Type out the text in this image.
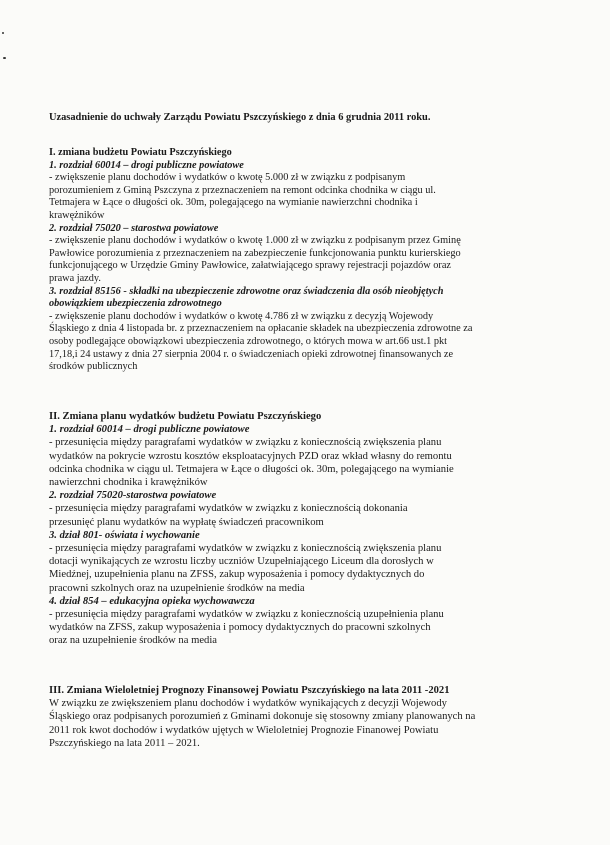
Uzasadnienie do uchwały Zarządu Powiatu Pszczyńskiego z dnia 6 grudnia 2011 roku.
I. zmiana budżetu Powiatu Pszczyńskiego
1. rozdział 60014 – drogi publiczne powiatowe
- zwiększenie planu dochodów i wydatków o kwotę 5.000 zł w związku z podpisanym
porozumieniem z Gminą Pszczyna z przeznaczeniem na remont odcinka chodnika w ciągu ul.
Tetmajera w Łące o długości ok. 30m, polegającego na wymianie nawierzchni chodnika i
krawężników
2. rozdział 75020 – starostwa powiatowe
- zwiększenie planu dochodów i wydatków o kwotę 1.000 zł w związku z podpisanym przez Gminę
Pawłowice porozumienia z przeznaczeniem na zabezpieczenie funkcjonowania punktu kurierskiego
funkcjonującego w Urzędzie Gminy Pawłowice, załatwiającego sprawy rejestracji pojazdów oraz
prawa jazdy.
3. rozdział 85156 - składki na ubezpieczenie zdrowotne oraz świadczenia dla osób nieobjętych
obowiązkiem ubezpieczenia zdrowotnego
- zwiększenie planu dochodów i wydatków o kwotę 4.786 zł w związku z decyzją Wojewody
Śląskiego z dnia 4 listopada br. z przeznaczeniem na opłacanie składek na ubezpieczenia zdrowotne za
osoby podlegające obowiązkowi ubezpieczenia zdrowotnego, o których mowa w art.66 ust.1 pkt
17,18,i 24 ustawy z dnia 27 sierpnia 2004 r. o świadczeniach opieki zdrowotnej finansowanych ze
środków publicznych
II. Zmiana planu wydatków budżetu Powiatu Pszczyńskiego
1. rozdział 60014 – drogi publiczne powiatowe
- przesunięcia między paragrafami wydatków w związku z koniecznością zwiększenia planu
wydatków na pokrycie wzrostu kosztów eksploatacyjnych PZD oraz wkład własny do remontu
odcinka chodnika w ciągu ul. Tetmajera w Łące o długości ok. 30m, polegającego na wymianie
nawierzchni chodnika i krawężników
2. rozdział 75020-starostwa powiatowe
- przesunięcia między paragrafami wydatków w związku z koniecznością dokonania
przesunięć planu wydatków na wypłatę świadczeń pracownikom
3. dział 801- oświata i wychowanie
- przesunięcia między paragrafami wydatków w związku z koniecznością zwiększenia planu
dotacji wynikających ze wzrostu liczby uczniów Uzupełniającego Liceum dla dorosłych w
Miedźnej, uzupełnienia planu na ZFSS, zakup wyposażenia i pomocy dydaktycznych do
pracowni szkolnych oraz na uzupełnienie środków na media
4. dział 854 – edukacyjna opieka wychowawcza
- przesunięcia między paragrafami wydatków w związku z koniecznością uzupełnienia planu
wydatków na ZFSS, zakup wyposażenia i pomocy dydaktycznych do pracowni szkolnych
oraz na uzupełnienie środków na media
III. Zmiana Wieloletniej Prognozy Finansowej Powiatu Pszczyńskiego na lata 2011 -2021
W związku ze zwiększeniem planu dochodów i wydatków wynikających z decyzji Wojewody
Śląskiego oraz podpisanych porozumień z Gminami dokonuje się stosowny zmiany planowanych na
2011 rok kwot dochodów i wydatków ujętych w Wieloletniej Prognozie Finanowej Powiatu
Pszczyńskiego na lata 2011 – 2021.
